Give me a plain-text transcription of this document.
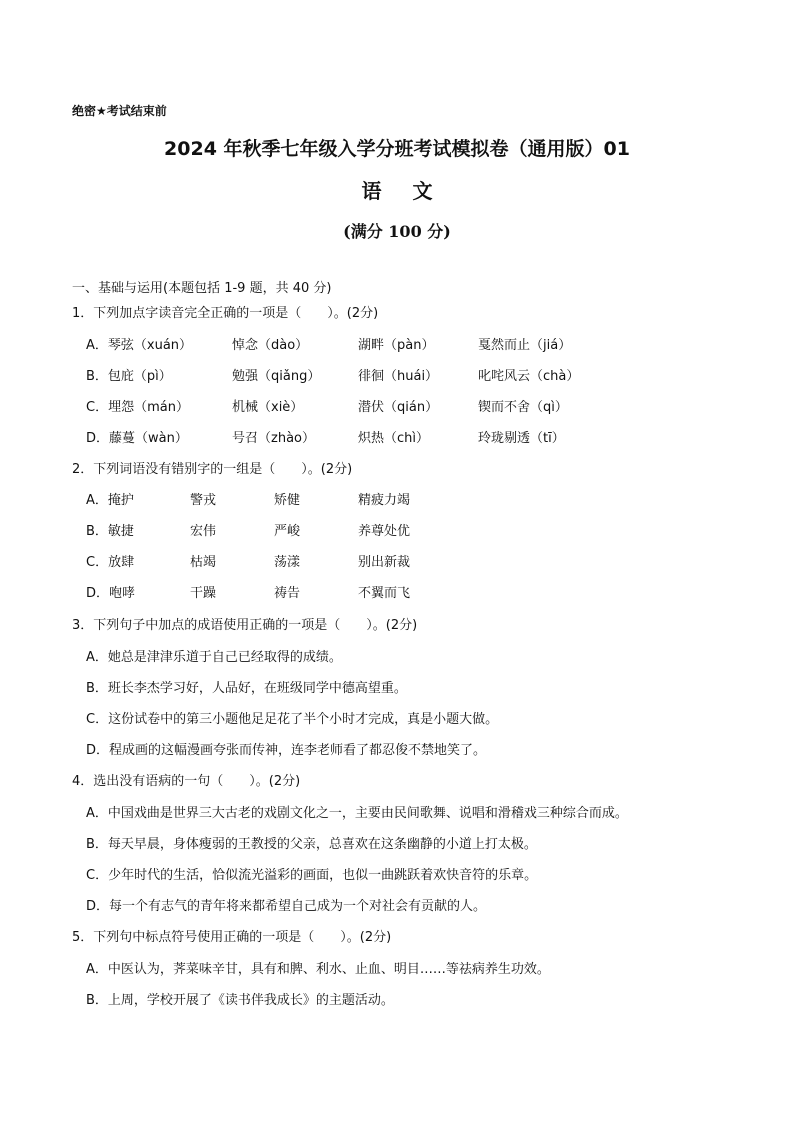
绝密★考试结束前
2024 年秋季七年级入学分班考试模拟卷（通用版）01
语 文
(满分 100 分)
一、基础与运用(本题包括 1-9 题，共 40 分)
1．下列加点字读音完全正确的一项是（　　）。(2分)
A．琴弦（xuán）	悼念（dào）	湖畔（pàn）	戛然而止（jiá）
B．包庇（pì）	勉强（qiǎng）	徘徊（huái）	叱咤风云（chà）
C．埋怨（mán）	机械（xiè）	潜伏（qián）	锲而不舍（qì）
D．藤蔓（wàn）	号召（zhào）	炽热（chì）	玲珑剔透（tī）
2．下列词语没有错别字的一组是（　　）。(2分)
A．掩护	警戎	矫健	精疲力竭
B．敏捷	宏伟	严峻	养尊处优
C．放肆	枯竭	荡漾	别出新裁
D．咆哮	干躁	祷告	不翼而飞
3．下列句子中加点的成语使用正确的一项是（　　）。(2分)
A．她总是津津乐道于自己已经取得的成绩。
B．班长李杰学习好，人品好，在班级同学中德高望重。
C．这份试卷中的第三小题他足足花了半个小时才完成，真是小题大做。
D．程成画的这幅漫画夸张而传神，连李老师看了都忍俊不禁地笑了。
4．选出没有语病的一句（　　）。(2分)
A．中国戏曲是世界三大古老的戏剧文化之一，主要由民间歌舞、说唱和滑稽戏三种综合而成。
B．每天早晨，身体瘦弱的王教授的父亲，总喜欢在这条幽静的小道上打太极。
C．少年时代的生活，恰似流光溢彩的画面，也似一曲跳跃着欢快音符的乐章。
D．每一个有志气的青年将来都希望自己成为一个对社会有贡献的人。
5．下列句中标点符号使用正确的一项是（　　）。(2分)
A．中医认为，荠菜味辛甘，具有和脾、利水、止血、明目……等祛病养生功效。
B．上周，学校开展了《读书伴我成长》的主题活动。
